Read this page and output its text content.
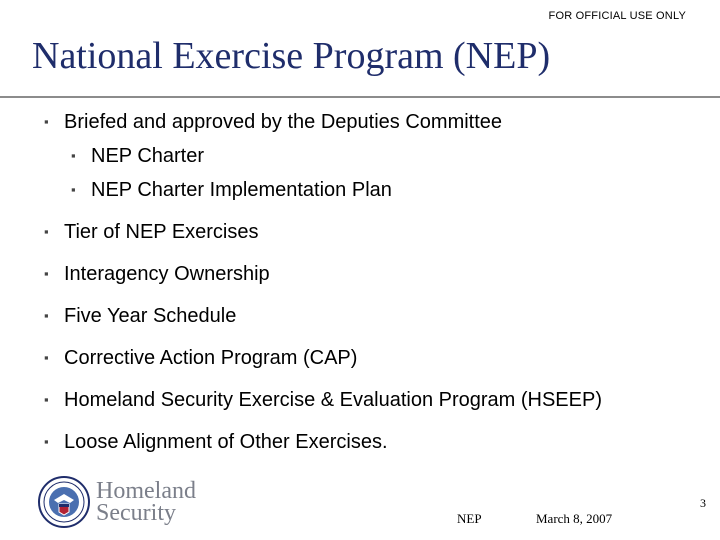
FOR OFFICIAL USE ONLY
National Exercise Program (NEP)
▪ Briefed and approved by the Deputies Committee
▪ NEP Charter
▪ NEP Charter Implementation Plan
▪ Tier of NEP Exercises
▪ Interagency Ownership
▪ Five Year Schedule
▪ Corrective Action Program (CAP)
▪ Homeland Security Exercise & Evaluation Program (HSEEP)
▪ Loose Alignment of Other Exercises.
Homeland
Security	NEP	March 8, 2007
3
